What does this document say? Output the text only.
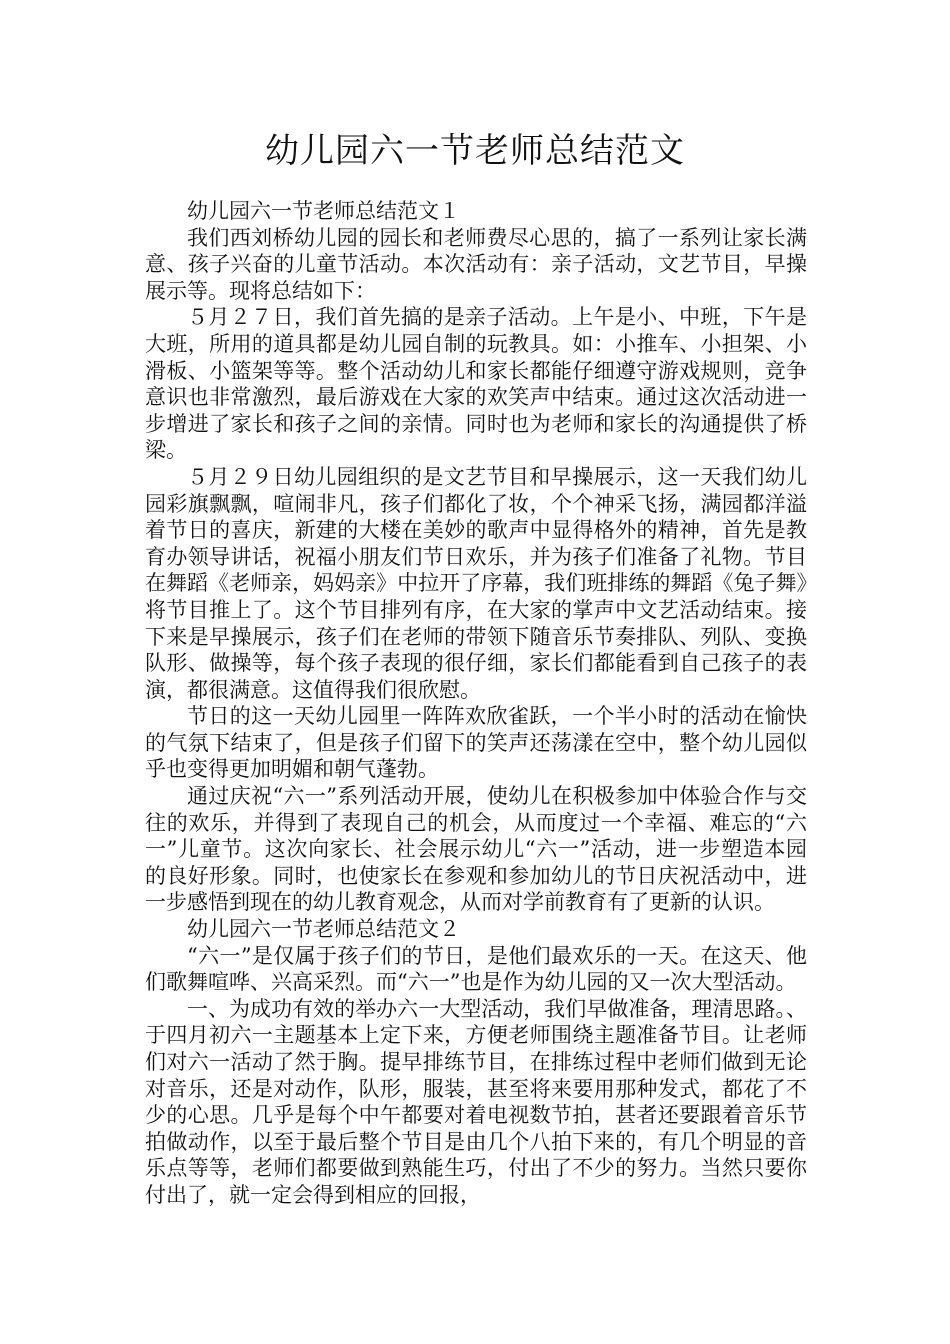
幼儿园六一节老师总结范文

幼儿园六一节老师总结范文１

我们西刘桥幼儿园的园长和老师费尽心思的，搞了一系列让家长满意、孩子兴奋的儿童节活动。本次活动有：亲子活动，文艺节目，早操展示等。现将总结如下：

５月２７日，我们首先搞的是亲子活动。上午是小、中班，下午是大班，所用的道具都是幼儿园自制的玩教具。如：小推车、小担架、小滑板、小篮架等等。整个活动幼儿和家长都能仔细遵守游戏规则，竞争意识也非常激烈，最后游戏在大家的欢笑声中结束。通过这次活动进一步增进了家长和孩子之间的亲情。同时也为老师和家长的沟通提供了桥梁。

５月２９日幼儿园组织的是文艺节目和早操展示，这一天我们幼儿园彩旗飘飘，喧闹非凡，孩子们都化了妆，个个神采飞扬，满园都洋溢着节日的喜庆，新建的大楼在美妙的歌声中显得格外的精神，首先是教育办领导讲话，祝福小朋友们节日欢乐，并为孩子们准备了礼物。节目在舞蹈《老师亲，妈妈亲》中拉开了序幕，我们班排练的舞蹈《兔子舞》将节目推上了。这个节目排列有序，在大家的掌声中文艺活动结束。接下来是早操展示，孩子们在老师的带领下随音乐节奏排队、列队、变换队形、做操等，每个孩子表现的很仔细，家长们都能看到自己孩子的表演，都很满意。这值得我们很欣慰。

节日的这一天幼儿园里一阵阵欢欣雀跃，一个半小时的活动在愉快的气氛下结束了，但是孩子们留下的笑声还荡漾在空中，整个幼儿园似乎也变得更加明媚和朝气蓬勃。

通过庆祝“六一”系列活动开展，使幼儿在积极参加中体验合作与交往的欢乐，并得到了表现自己的机会，从而度过一个幸福、难忘的“六一”儿童节。这次向家长、社会展示幼儿“六一”活动，进一步塑造本园的良好形象。同时，也使家长在参观和参加幼儿的节日庆祝活动中，进一步感悟到现在的幼儿教育观念，从而对学前教育有了更新的认识。

幼儿园六一节老师总结范文２

“六一”是仅属于孩子们的节日，是他们最欢乐的一天。在这天、他们歌舞喧哗、兴高采烈。而“六一”也是作为幼儿园的又一次大型活动。

一、为成功有效的举办六一大型活动，我们早做准备，理清思路。、于四月初六一主题基本上定下来，方便老师围绕主题准备节目。让老师们对六一活动了然于胸。提早排练节目，在排练过程中老师们做到无论对音乐，还是对动作，队形，服装，甚至将来要用那种发式，都花了不少的心思。几乎是每个中午都要对着电视数节拍，甚者还要跟着音乐节拍做动作，以至于最后整个节目是由几个八拍下来的，有几个明显的音乐点等等，老师们都要做到熟能生巧，付出了不少的努力。当然只要你付出了，就一定会得到相应的回报，
